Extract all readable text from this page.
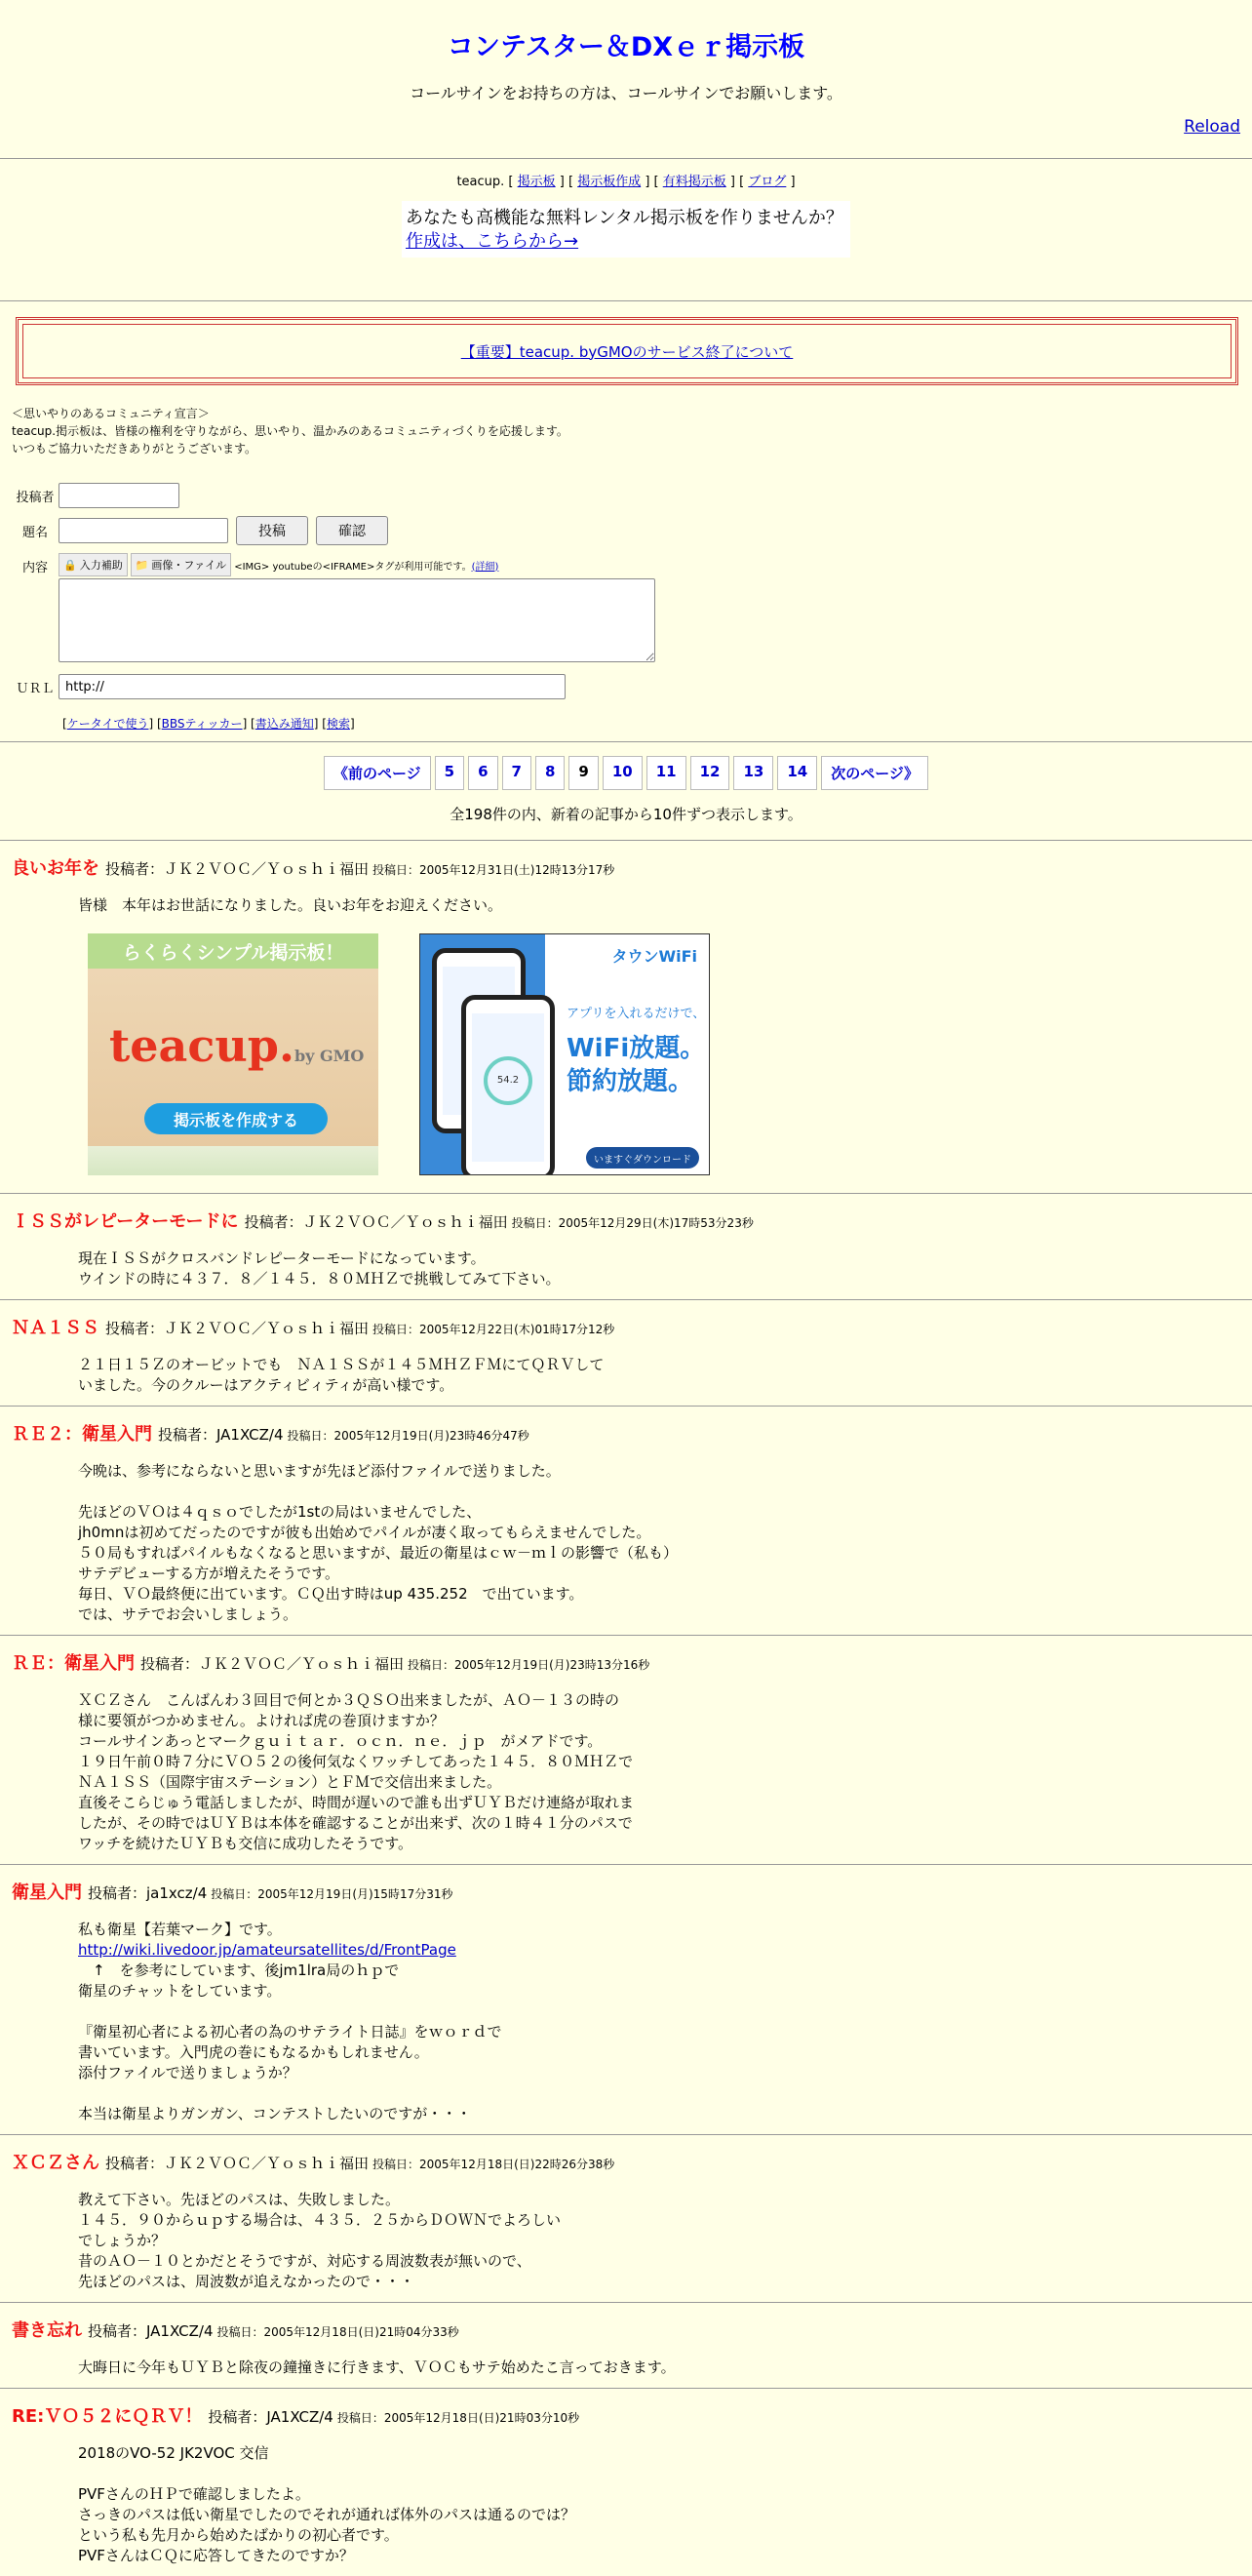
コンテスター＆DXｅｒ掲示板
コールサインをお持ちの方は、コールサインでお願いします。
Reload
teacup. [ 掲示板 ] [ 掲示板作成 ] [ 有料掲示板 ] [ ブログ ]
あなたも高機能な無料レンタル掲示板を作りませんか？
作成は、こちらから→
【重要】teacup. byGMOのサービス終了について
＜思いやりのあるコミュニティ宣言＞
teacup.掲示板は、皆様の権利を守りながら、思いやり、温かみのあるコミュニティづくりを応援します。
いつもご協力いただきありがとうございます。
投稿者
題名	投稿	確認
内容	🔒 入力補助 📁 画像・ファイル <IMG> youtubeの<IFRAME>タグが利用可能です。 (詳細)
ＵＲＬ
http://
[ケータイで使う] [BBSティッカー] [書込み通知] [検索]
《前のページ	5	6	7	8	9	10	11	12	13	14	次のページ》
全198件の内、新着の記事から10件ずつ表示します。
良いお年を 投稿者：ＪＫ２ＶＯＣ／Ｙｏｓｈｉ福田 投稿日：2005年12月31日(土)12時13分17秒
皆様　本年はお世話になりました。良いお年をお迎えください。
らくらくシンプル掲示板！
teacup.by GMO
掲示板を作成する
タウンWiFi
アプリを入れるだけで、
WiFi放題。
節約放題。
54.2
いますぐダウンロード
ＩＳＳがレピーターモードに 投稿者：ＪＫ２ＶＯＣ／Ｙｏｓｈｉ福田 投稿日：2005年12月29日(木)17時53分23秒
現在ＩＳＳがクロスバンドレピーターモードになっています。
ウインドの時に４３７．８／１４５．８０ＭＨＺで挑戦してみて下さい。
ＮＡ１ＳＳ 投稿者：ＪＫ２ＶＯＣ／Ｙｏｓｈｉ福田 投稿日：2005年12月22日(木)01時17分12秒
２１日１５Ｚのオービットでも　ＮＡ１ＳＳが１４５ＭＨＺＦＭにてＱＲＶして
いました。今のクルーはアクティビィティが高い様です。
ＲＥ２：衛星入門 投稿者：JA1XCZ/4 投稿日：2005年12月19日(月)23時46分47秒
今晩は、参考にならないと思いますが先ほど添付ファイルで送りました。
先ほどのＶＯは４ｑｓｏでしたが1stの局はいませんでした、
jh0mnは初めてだったのですが彼も出始めでパイルが凄く取ってもらえませんでした。
５０局もすればパイルもなくなると思いますが、最近の衛星はｃｗ－ｍｌの影響で（私も）
サテデビューする方が増えたそうです。
毎日、ＶＯ最終便に出ています。ＣＱ出す時はup 435.252　で出ています。
では、サテでお会いしましょう。
ＲＥ：衛星入門 投稿者：ＪＫ２ＶＯＣ／Ｙｏｓｈｉ福田 投稿日：2005年12月19日(月)23時13分16秒
ＸＣＺさん　こんばんわ３回目で何とか３ＱＳＯ出来ましたが、ＡＯ－１３の時の
様に要領がつかめません。よければ虎の巻頂けますか？
コールサインあっとマークｇｕｉｔａｒ．ｏｃｎ．ｎｅ．ｊｐ　がメアドです。
１９日午前０時７分にＶＯ５２の後何気なくワッチしてあった１４５．８０ＭＨＺで
ＮＡ１ＳＳ（国際宇宙ステーション）とＦＭで交信出来ました。
直後そこらじゅう電話しましたが、時間が遅いので誰も出ずＵＹＢだけ連絡が取れま
したが、その時ではＵＹＢは本体を確認することが出来ず、次の１時４１分のパスで
ワッチを続けたＵＹＢも交信に成功したそうです。
衛星入門 投稿者：ja1xcz/4 投稿日：2005年12月19日(月)15時17分31秒
私も衛星【若葉マーク】です。
http://wiki.livedoor.jp/amateursatellites/d/FrontPage
　↑　を参考にしています、後jm1lra局のｈｐで
衛星のチャットをしています。
『衛星初心者による初心者の為のサテライト日誌』をｗｏｒｄで
書いています。入門虎の巻にもなるかもしれません。
添付ファイルで送りましょうか？
本当は衛星よりガンガン、コンテストしたいのですが・・・
ＸＣＺさん 投稿者：ＪＫ２ＶＯＣ／Ｙｏｓｈｉ福田 投稿日：2005年12月18日(日)22時26分38秒
教えて下さい。先ほどのパスは、失敗しました。
１４５．９０からｕｐする場合は、４３５．２５からＤＯＷＮでよろしい
でしょうか？
昔のＡＯ－１０とかだとそうですが、対応する周波数表が無いので、
先ほどのパスは、周波数が追えなかったので・・・
書き忘れ 投稿者：JA1XCZ/4 投稿日：2005年12月18日(日)21時04分33秒
大晦日に今年もＵＹＢと除夜の鐘撞きに行きます、ＶＯＣもサテ始めたこ言っておきます。
RE:ＶＯ５２にＱＲＶ！ 投稿者：JA1XCZ/4 投稿日：2005年12月18日(日)21時03分10秒
2018のVO-52 JK2VOC 交信
PVFさんのＨＰで確認しましたよ。
さっきのパスは低い衛星でしたのでそれが通れば体外のパスは通るのでは？
という私も先月から始めたばかりの初心者です。
PVFさんはＣＱに応答してきたのですか？
